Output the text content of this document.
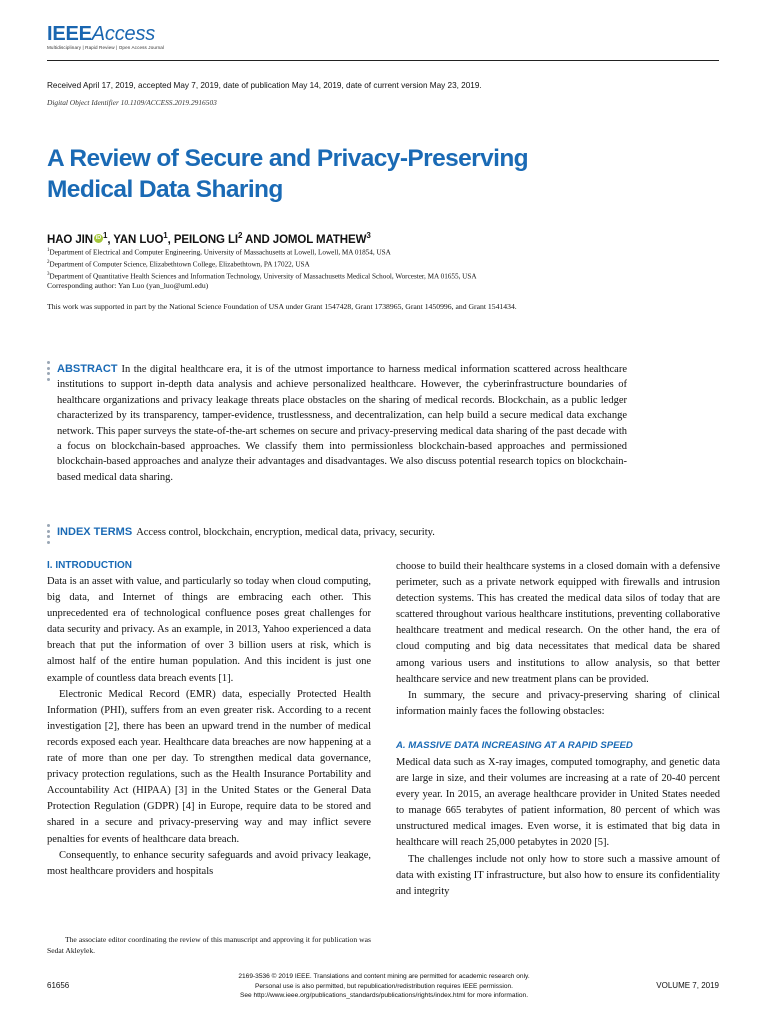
IEEEAccess
Multidisciplinary | Rapid Review | Open Access Journal
Received April 17, 2019, accepted May 7, 2019, date of publication May 14, 2019, date of current version May 23, 2019.
Digital Object Identifier 10.1109/ACCESS.2019.2916503
A Review of Secure and Privacy-Preserving
Medical Data Sharing
HAO JIN iD $^1$, YAN LUO$^1$, PEILONG $LI^2$ AND JOMOL MATHEW$^3$
$^1$Department of Electrical and Computer Engineering, University of Massachusetts at Lowell, Lowell, MA 01854, USA
$^2$Department of Computer Science, Elizabethtown College, Elizabethtown, PA 17022, USA
$^3$Department of Quantitative Health Sciences and Information Technology, University of Massachusetts Medical School, Worcester, MA 01655, USA
Corresponding author: Yan Luo (yan_luo@uml.edu)
This work was supported in part by the National Science Foundation of USA under Grant 1547428, Grant 1738965, Grant 1450996, and Grant 1541434.
ABSTRACT In the digital healthcare era, it is of the utmost importance to harness medical information scattered across healthcare institutions to support in-depth data analysis and achieve personalized healthcare. However, the cyberinfrastructure boundaries of healthcare organizations and privacy leakage threats place obstacles on the sharing of medical records. Blockchain, as a public ledger characterized by its transparency, tamper-evidence, trustlessness, and decentralization, can help build a secure medical data exchange network. This paper surveys the state-of-the-art schemes on secure and privacy-preserving medical data sharing of the past decade with a focus on blockchain-based approaches. We classify them into permissionless blockchain-based approaches and permissioned blockchain-based approaches and analyze their advantages and disadvantages. We also discuss potential research topics on blockchain-based medical data sharing.
INDEX TERMS Access control, blockchain, encryption, medical data, privacy, security.
I. INTRODUCTION

Data is an asset with value, and particularly so today when cloud computing, big data, and Internet of things are embracing each other. This unprecedented era of technological confluence poses great challenges for data security and privacy. As an example, in 2013, Yahoo experienced a data breach that put the information of over 3 billion users at risk, which is almost half of the entire human population. And this incident is just one example of countless data breach events [1].

Electronic Medical Record (EMR) data, especially Protected Health Information (PHI), suffers from an even greater risk. According to a recent investigation [2], there has been an upward trend in the number of medical records exposed each year. Healthcare data breaches are now happening at a rate of more than one per day. To strengthen medical data governance, privacy protection regulations, such as the Health Insurance Portability and Accountability Act (HIPAA) [3] in the United States or the General Data Protection Regulation (GDPR) [4] in Europe, require data to be stored and shared in a secure and privacy-preserving way and may inflict severe penalties for events of healthcare data breach.

Consequently, to enhance security safeguards and avoid privacy leakage, most healthcare providers and hospitals

The associate editor coordinating the review of this manuscript and approving it for publication was Sedat Akleylek.

choose to build their healthcare systems in a closed domain with a defensive perimeter, such as a private network equipped with firewalls and intrusion detection systems. This has created the medical data silos of today that are scattered throughout various healthcare institutions, preventing collaborative healthcare treatment and medical research. On the other hand, the era of cloud computing and big data necessitates that medical data be shared among various users and institutions to allow analysis, so that better healthcare service and new treatment plans can be provided.

In summary, the secure and privacy-preserving sharing of clinical information mainly faces the following obstacles:

A. MASSIVE DATA INCREASING AT A RAPID SPEED

Medical data such as X-ray images, computed tomography, and genetic data are large in size, and their volumes are increasing at a rate of 20-40 percent every year. In 2015, an average healthcare provider in United States needed to manage 665 terabytes of patient information, 80 percent of which was unstructured medical images. Even worse, it is estimated that big data in healthcare will reach 25,000 petabytes in 2020 [5].

The challenges include not only how to store such a massive amount of data with existing IT infrastructure, but also how to ensure its confidentiality and integrity

2169-3536 © 2019 IEEE. Translations and content mining are permitted for academic research only.
Personal use is also permitted, but republication/redistribution requires IEEE permission.
See http://www.ieee.org/publications_standards/publications/rights/index.html for more information.
61656	VOLUME 7, 2019
